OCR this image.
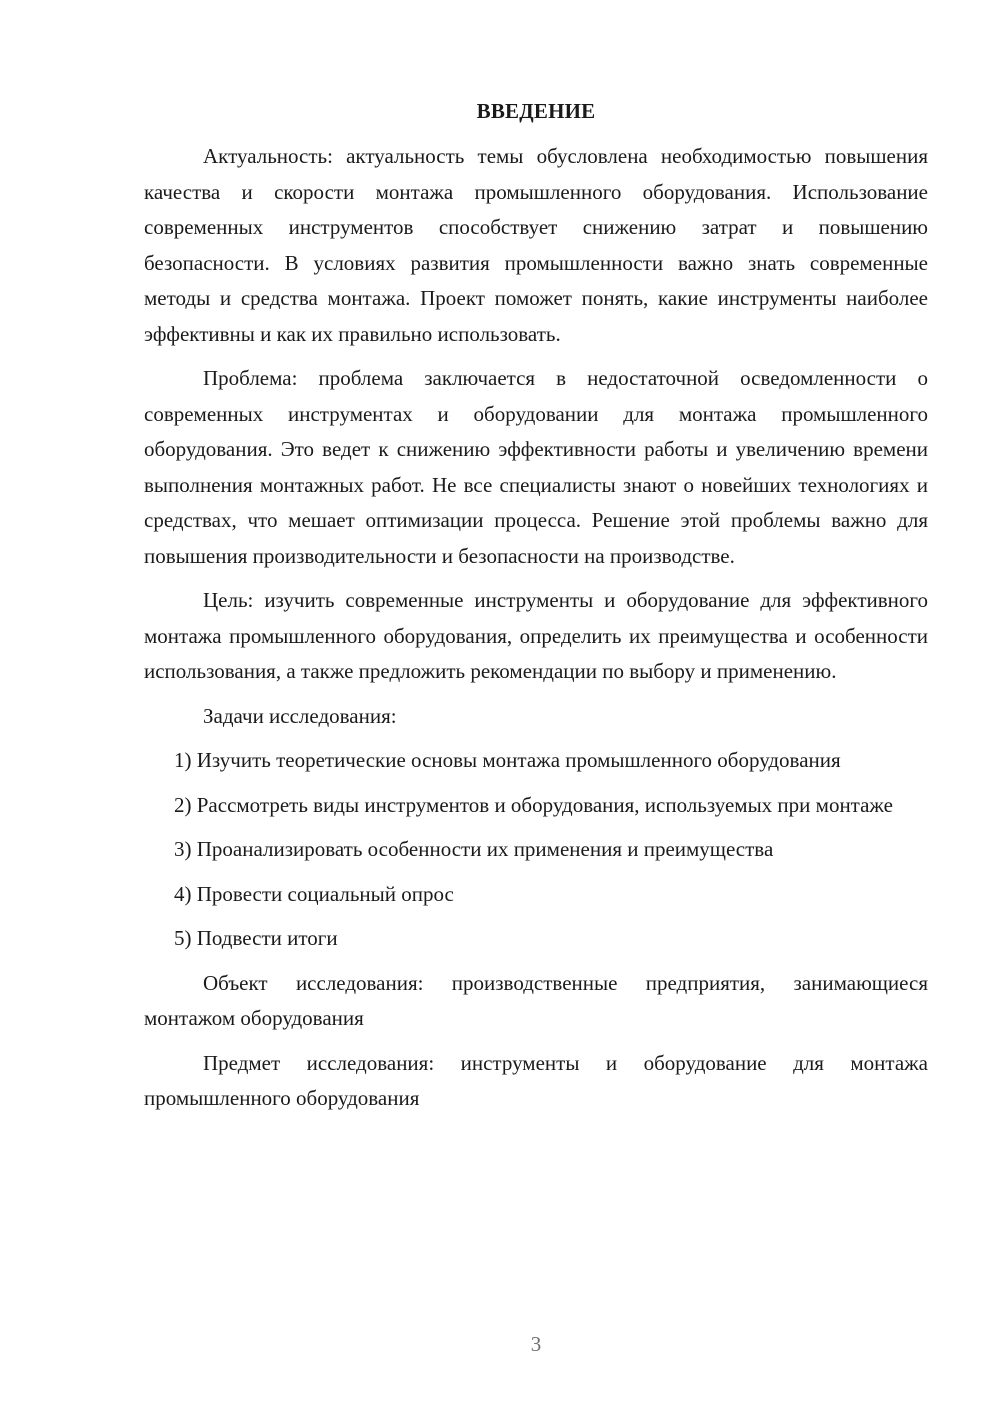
ВВЕДЕНИЕ

Актуальность: актуальность темы обусловлена необходимостью повышения качества и скорости монтажа промышленного оборудования. Использование современных инструментов способствует снижению затрат и повышению безопасности. В условиях развития промышленности важно знать современные методы и средства монтажа. Проект поможет понять, какие инструменты наиболее эффективны и как их правильно использовать.

Проблема: проблема заключается в недостаточной осведомленности о современных инструментах и оборудовании для монтажа промышленного оборудования. Это ведет к снижению эффективности работы и увеличению времени выполнения монтажных работ. Не все специалисты знают о новейших технологиях и средствах, что мешает оптимизации процесса. Решение этой проблемы важно для повышения производительности и безопасности на производстве.

Цель: изучить современные инструменты и оборудование для эффективного монтажа промышленного оборудования, определить их преимущества и особенности использования, а также предложить рекомендации по выбору и применению.

Задачи исследования:

1) Изучить теоретические основы монтажа промышленного оборудования

2) Рассмотреть виды инструментов и оборудования, используемых при монтаже

3) Проанализировать особенности их применения и преимущества

4) Провести социальный опрос

5) Подвести итоги

Объект исследования: производственные предприятия, занимающиеся монтажом оборудования

Предмет исследования: инструменты и оборудование для монтажа промышленного оборудования

3
